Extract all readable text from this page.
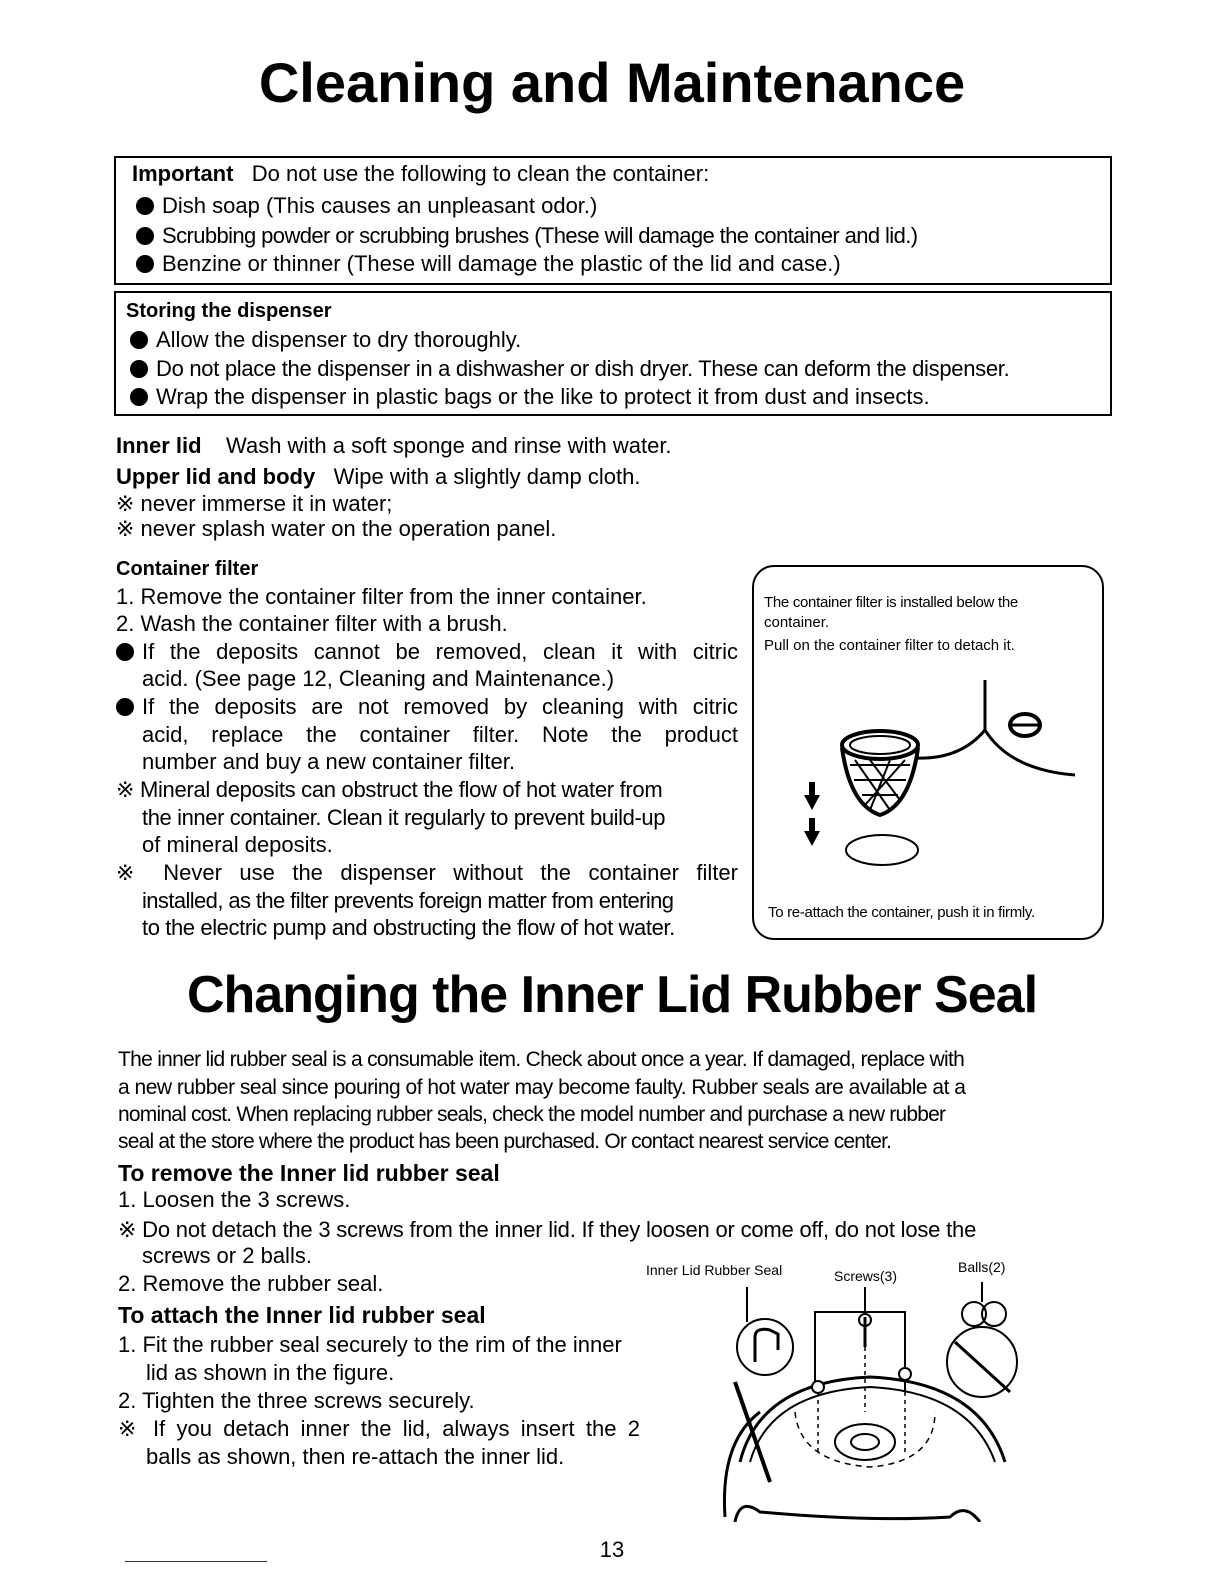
Cleaning and Maintenance
Important Do not use the following to clean the container:
Dish soap (This causes an unpleasant odor.)
Scrubbing powder or scrubbing brushes (These will damage the container and lid.)
Benzine or thinner (These will damage the plastic of the lid and case.)
Storing the dispenser
Allow the dispenser to dry thoroughly.
Do not place the dispenser in a dishwasher or dish dryer. These can deform the dispenser.
Wrap the dispenser in plastic bags or the like to protect it from dust and insects.
Inner lid Wash with a soft sponge and rinse with water.
Upper lid and body Wipe with a slightly damp cloth.
※ never immerse it in water;
※ never splash water on the operation panel.
Container filter
1. Remove the container filter from the inner container.
2. Wash the container filter with a brush.
If the deposits cannot be removed, clean it with citric
acid. (See page 12, Cleaning and Maintenance.)
If the deposits are not removed by cleaning with citric
acid, replace the container filter. Note the product
number and buy a new container filter.
※ Mineral deposits can obstruct the flow of hot water from
the inner container. Clean it regularly to prevent build-up
of mineral deposits.
※ Never use the dispenser without the container filter
installed, as the filter prevents foreign matter from entering
to the electric pump and obstructing the flow of hot water.
The container filter is installed below the
container.
Pull on the container filter to detach it.
To re-attach the container, push it in firmly.
Changing the Inner Lid Rubber Seal
The inner lid rubber seal is a consumable item. Check about once a year. If damaged, replace with
a new rubber seal since pouring of hot water may become faulty. Rubber seals are available at a
nominal cost. When replacing rubber seals, check the model number and purchase a new rubber
seal at the store where the product has been purchased. Or contact nearest service center.
To remove the Inner lid rubber seal
1. Loosen the 3 screws.
※ Do not detach the 3 screws from the inner lid. If they loosen or come off, do not lose the
screws or 2 balls.
2. Remove the rubber seal.
To attach the Inner lid rubber seal
1. Fit the rubber seal securely to the rim of the inner
lid as shown in the figure.
2. Tighten the three screws securely.
※ If you detach inner the lid, always insert the 2
balls as shown, then re-attach the inner lid.
Inner Lid Rubber Seal	Screws(3)
Balls(2)
13
